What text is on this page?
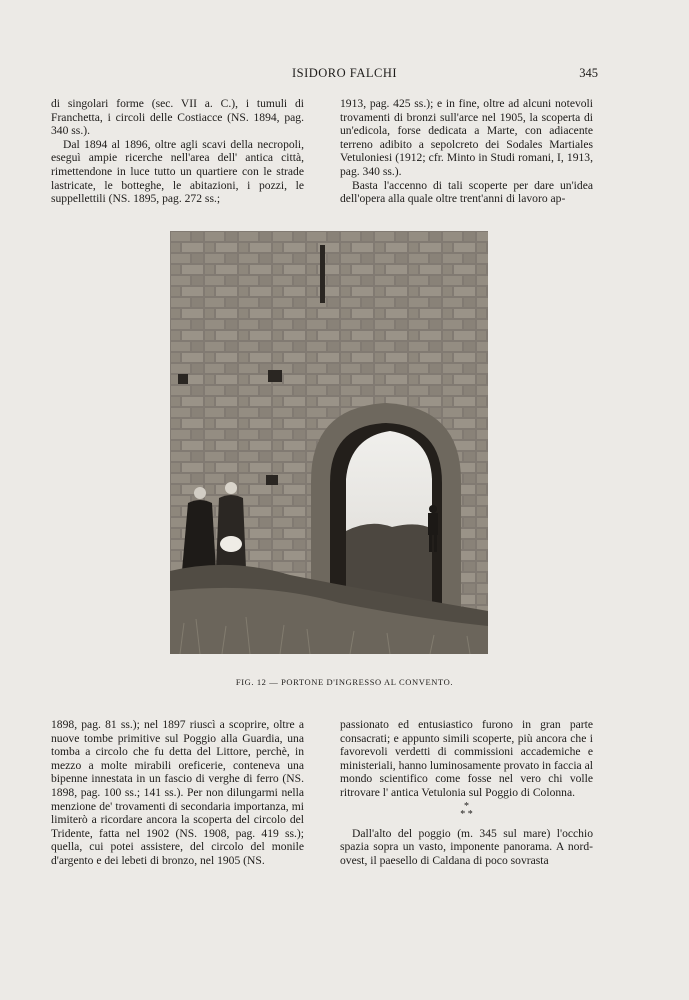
ISIDORO FALCHI	345

di singolari forme (sec. VII a. C.), i tumuli di Franchetta, i circoli delle Costiacce (NS. 1894, pag. 340 ss.).

Dal 1894 al 1896, oltre agli scavi della necropoli, eseguì ampie ricerche nell'area dell' antica città, rimettendone in luce tutto un quartiere con le strade lastricate, le botteghe, le abitazioni, i pozzi, le suppellettili (NS. 1895, pag. 272 ss.;

1913, pag. 425 ss.); e in fine, oltre ad alcuni notevoli trovamenti di bronzi sull'arce nel 1905, la scoperta di un'edicola, forse dedicata a Marte, con adiacente terreno adibito a sepolcreto dei Sodales Martiales Vetuloniesi (1912; cfr. Minto in Studi romani, I, 1913, pag. 340 ss.).

Basta l'accenno di tali scoperte per dare un'idea dell'opera alla quale oltre trent'anni di lavoro ap-

FIG. 12 — PORTONE D'INGRESSO AL CONVENTO.

1898, pag. 81 ss.); nel 1897 riuscì a scoprire, oltre a nuove tombe primitive sul Poggio alla Guardia, una tomba a circolo che fu detta del Littore, perchè, in mezzo a molte mirabili oreficerie, conteneva una bipenne innestata in un fascio di verghe di ferro (NS. 1898, pag. 100 ss.; 141 ss.). Per non dilungarmi nella menzione de' trovamenti di secondaria importanza, mi limiterò a ricordare ancora la scoperta del circolo del Tridente, fatta nel 1902 (NS. 1908, pag. 419 ss.); quella, cui potei assistere, del circolo del monile d'argento e dei lebeti di bronzo, nel 1905 (NS.

passionato ed entusiastico furono in gran parte consacrati; e appunto simili scoperte, più ancora che i favorevoli verdetti di commissioni accademiche e ministeriali, hanno luminosamente provato in faccia al mondo scientifico come fosse nel vero chi volle ritrovare l' antica Vetulonia sul Poggio di Colonna.

*
* *

Dall'alto del poggio (m. 345 sul mare) l'occhio spazia sopra un vasto, imponente panorama. A nord-ovest, il paesello di Caldana di poco sovrasta
